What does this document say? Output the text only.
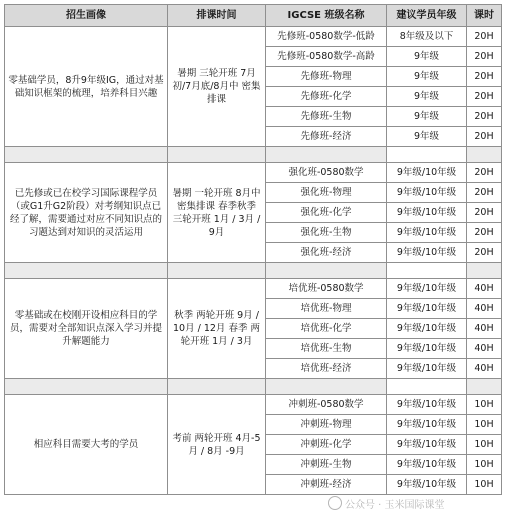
招生画像	排课时间	IGCSE 班级名称	建议学员年级	课时
零基础学员，8升9年级IG，通过对基础知识框架的梳理，培养科目兴趣	暑期 三轮开班 7月初/7月底/8月中 密集排课	先修班-0580数学-低龄	8年级及以下	20H
		先修班-0580数学-高龄	9年级	20H
		先修班-物理	9年级	20H
		先修班-化学	9年级	20H
		先修班-生物	9年级	20H
		先修班-经济	9年级	20H

已先修或已在校学习国际课程学员（或G1升G2阶段）对考纲知识点已经了解，需要通过对应不同知识点的习题达到对知识的灵活运用	暑期 一轮开班 8月中 密集排课 春季秋季 三轮开班 1月 / 3月 / 9月	强化班-0580数学	9年级/10年级	20H
		强化班-物理	9年级/10年级	20H
		强化班-化学	9年级/10年级	20H
		强化班-生物	9年级/10年级	20H
		强化班-经济	9年级/10年级	20H

零基础或在校刚开设相应科目的学员，需要对全部知识点深入学习并提升解题能力	秋季 两轮开班 9月 / 10月 / 12月 春季 两轮开班 1月 / 3月	培优班-0580数学	9年级/10年级	40H
		培优班-物理	9年级/10年级	40H
		培优班-化学	9年级/10年级	40H
		培优班-生物	9年级/10年级	40H
		培优班-经济	9年级/10年级	40H

相应科目需要大考的学员	考前 两轮开班 4月-5月 / 8月 -9月	冲刺班-0580数学	9年级/10年级	10H
		冲刺班-物理	9年级/10年级	10H
		冲刺班-化学	9年级/10年级	10H
		冲刺班-生物	9年级/10年级	10H
		冲刺班-经济	9年级/10年级	10H
公众号 · 玉米国际课堂
